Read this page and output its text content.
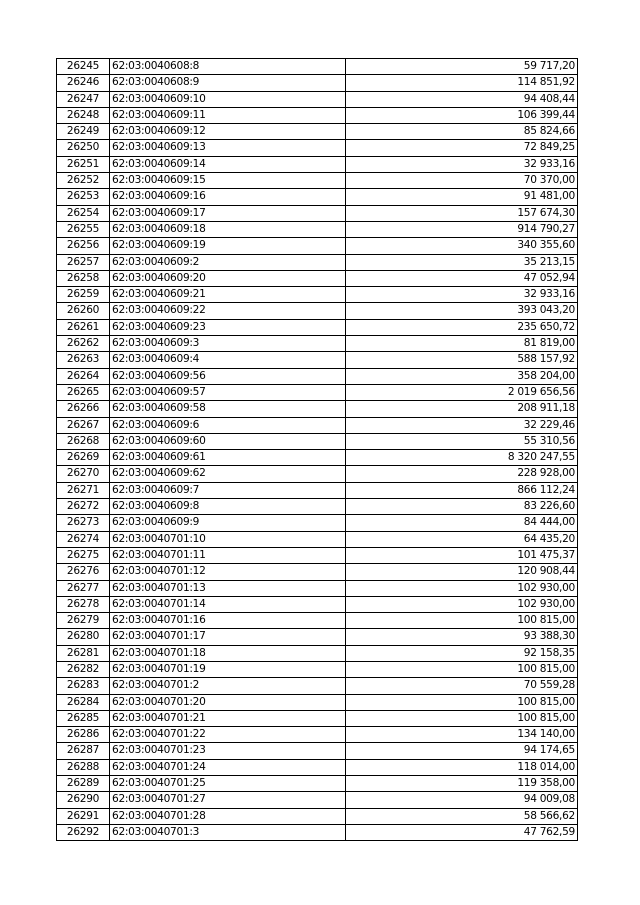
26245	62:03:0040608:8	59 717,20
26246	62:03:0040608:9	114 851,92
26247	62:03:0040609:10	94 408,44
26248	62:03:0040609:11	106 399,44
26249	62:03:0040609:12	85 824,66
26250	62:03:0040609:13	72 849,25
26251	62:03:0040609:14	32 933,16
26252	62:03:0040609:15	70 370,00
26253	62:03:0040609:16	91 481,00
26254	62:03:0040609:17	157 674,30
26255	62:03:0040609:18	914 790,27
26256	62:03:0040609:19	340 355,60
26257	62:03:0040609:2	35 213,15
26258	62:03:0040609:20	47 052,94
26259	62:03:0040609:21	32 933,16
26260	62:03:0040609:22	393 043,20
26261	62:03:0040609:23	235 650,72
26262	62:03:0040609:3	81 819,00
26263	62:03:0040609:4	588 157,92
26264	62:03:0040609:56	358 204,00
26265	62:03:0040609:57	2 019 656,56
26266	62:03:0040609:58	208 911,18
26267	62:03:0040609:6	32 229,46
26268	62:03:0040609:60	55 310,56
26269	62:03:0040609:61	8 320 247,55
26270	62:03:0040609:62	228 928,00
26271	62:03:0040609:7	866 112,24
26272	62:03:0040609:8	83 226,60
26273	62:03:0040609:9	84 444,00
26274	62:03:0040701:10	64 435,20
26275	62:03:0040701:11	101 475,37
26276	62:03:0040701:12	120 908,44
26277	62:03:0040701:13	102 930,00
26278	62:03:0040701:14	102 930,00
26279	62:03:0040701:16	100 815,00
26280	62:03:0040701:17	93 388,30
26281	62:03:0040701:18	92 158,35
26282	62:03:0040701:19	100 815,00
26283	62:03:0040701:2	70 559,28
26284	62:03:0040701:20	100 815,00
26285	62:03:0040701:21	100 815,00
26286	62:03:0040701:22	134 140,00
26287	62:03:0040701:23	94 174,65
26288	62:03:0040701:24	118 014,00
26289	62:03:0040701:25	119 358,00
26290	62:03:0040701:27	94 009,08
26291	62:03:0040701:28	58 566,62
26292	62:03:0040701:3	47 762,59
